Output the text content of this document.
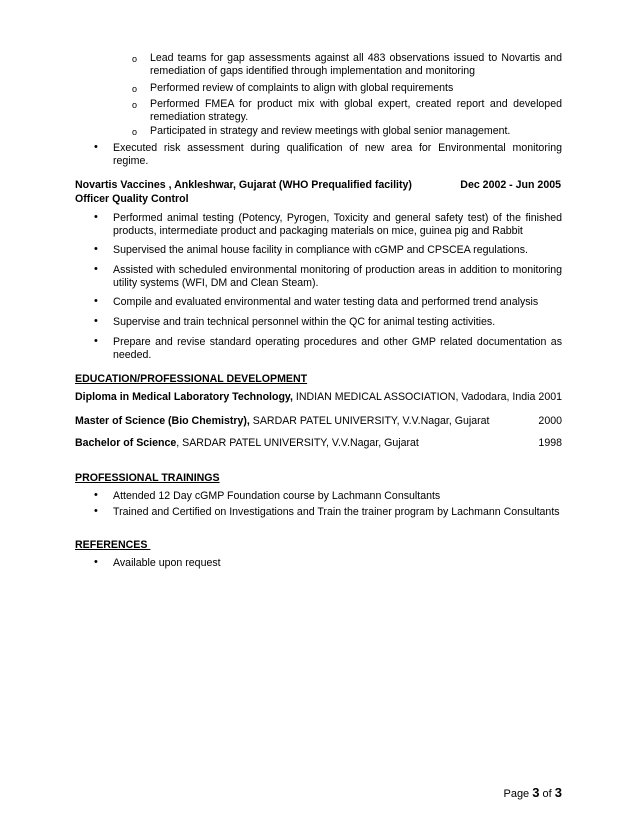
o Lead teams for gap assessments against all 483 observations issued to Novartis and remediation of gaps identified through implementation and monitoring
o Performed review of complaints to align with global requirements
o Performed FMEA for product mix with global expert, created report and developed remediation strategy.
o Participated in strategy and review meetings with global senior management.
• Executed risk assessment during qualification of new area for Environmental monitoring regime.
Novartis Vaccines , Ankleshwar, Gujarat (WHO Prequalified facility)	Dec 2002 - Jun 2005
Officer Quality Control
• Performed animal testing (Potency, Pyrogen, Toxicity and general safety test) of the finished products, intermediate product and packaging materials on mice, guinea pig and Rabbit
• Supervised the animal house facility in compliance with cGMP and CPSCEA regulations.
• Assisted with scheduled environmental monitoring of production areas in addition to monitoring utility systems (WFI, DM and Clean Steam).
• Compile and evaluated environmental and water testing data and performed trend analysis
• Supervise and train technical personnel within the QC for animal testing activities.
• Prepare and revise standard operating procedures and other GMP related documentation as needed.
EDUCATION/PROFESSIONAL DEVELOPMENT
Diploma in Medical Laboratory Technology, INDIAN MEDICAL ASSOCIATION, Vadodara, India 2001
Master of Science (Bio Chemistry), SARDAR PATEL UNIVERSITY, V.V.Nagar, Gujarat	2000
Bachelor of Science, SARDAR PATEL UNIVERSITY, V.V.Nagar, Gujarat	1998
PROFESSIONAL TRAININGS
• Attended 12 Day cGMP Foundation course by Lachmann Consultants
• Trained and Certified on Investigations and Train the trainer program by Lachmann Consultants
REFERENCES
• Available upon request
Page 3 of 3
